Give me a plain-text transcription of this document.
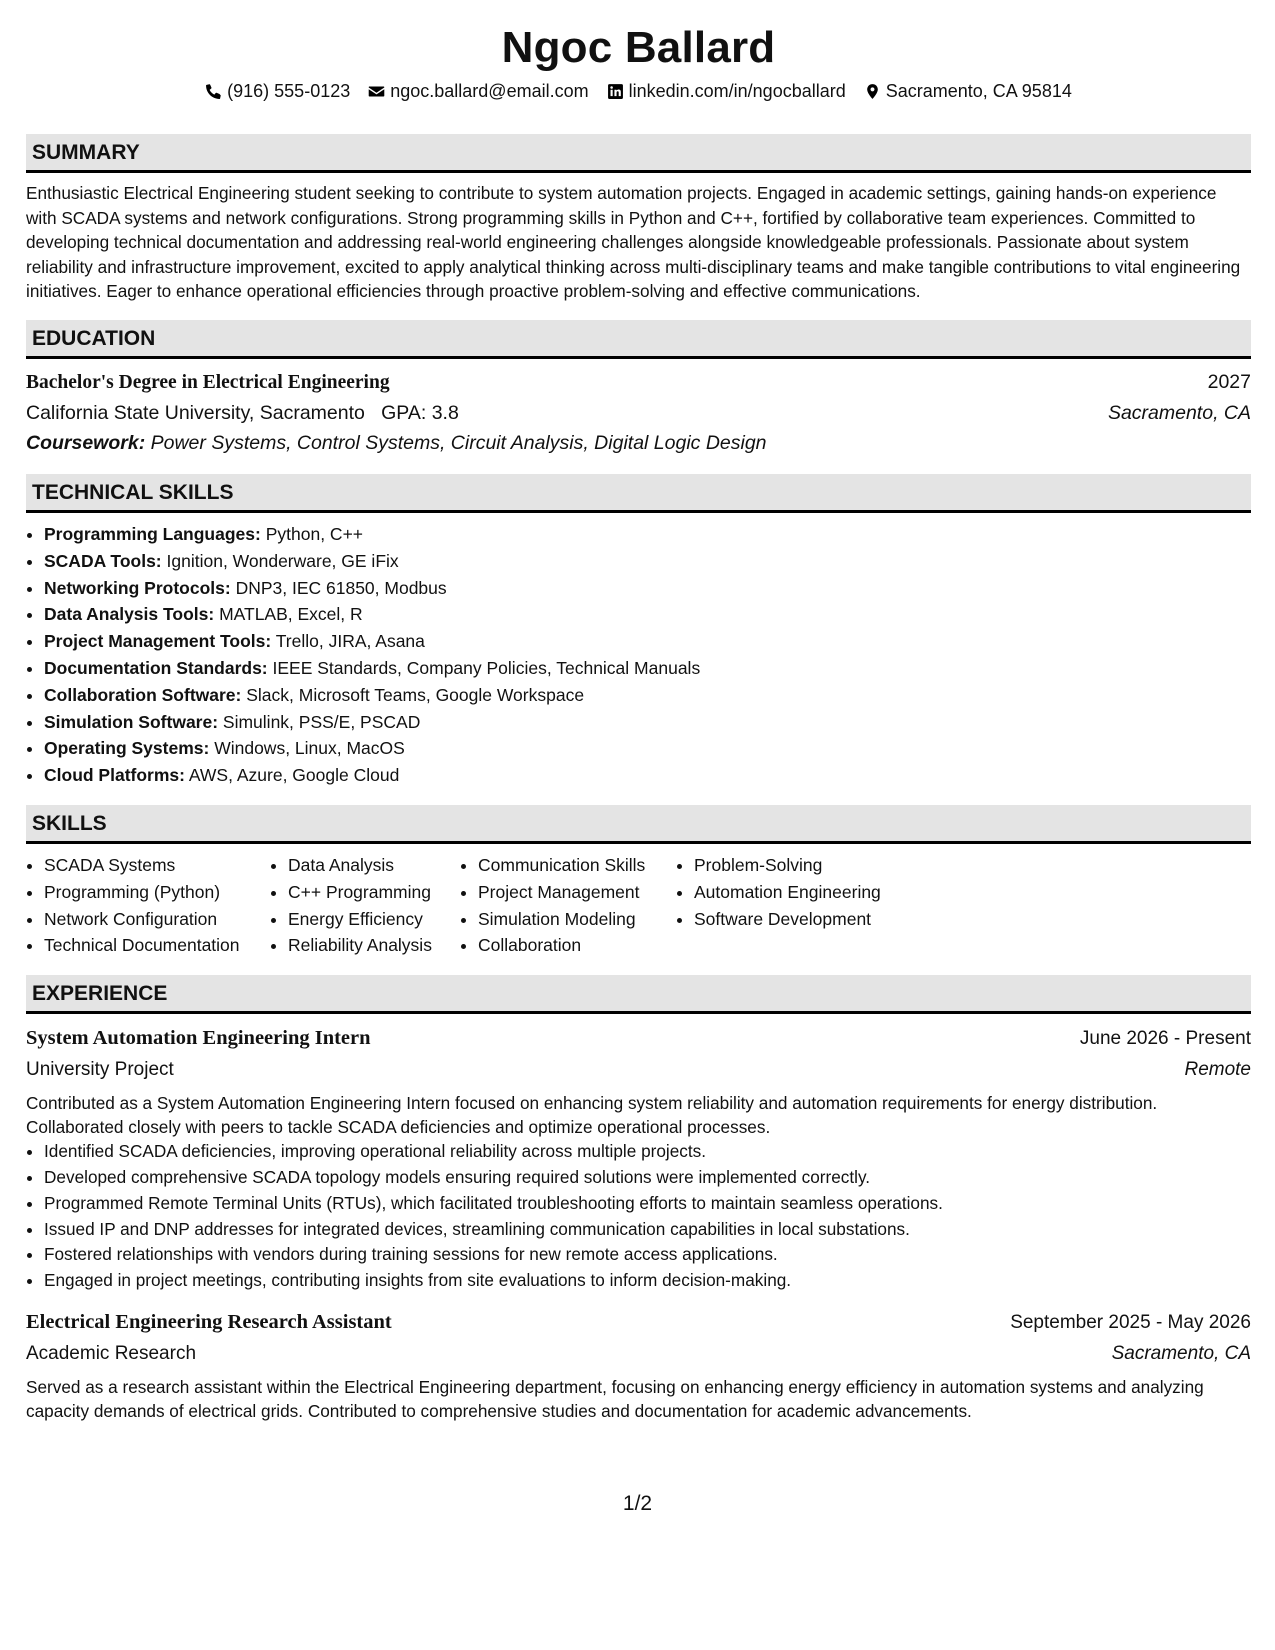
Ngoc Ballard
(916) 555-0123 ngoc.ballard@email.com linkedin.com/in/ngocballard Sacramento, CA 95814
SUMMARY
Enthusiastic Electrical Engineering student seeking to contribute to system automation projects. Engaged in academic settings, gaining hands-on experience with SCADA systems and network configurations. Strong programming skills in Python and C++, fortified by collaborative team experiences. Committed to developing technical documentation and addressing real-world engineering challenges alongside knowledgeable professionals. Passionate about system reliability and infrastructure improvement, excited to apply analytical thinking across multi-disciplinary teams and make tangible contributions to vital engineering initiatives. Eager to enhance operational efficiencies through proactive problem-solving and effective communications.
EDUCATION
Bachelor's Degree in Electrical Engineering	2027
California State University, Sacramento GPA: 3.8	Sacramento, CA
Coursework: Power Systems, Control Systems, Circuit Analysis, Digital Logic Design
TECHNICAL SKILLS
• Programming Languages: Python, C++
• SCADA Tools: Ignition, Wonderware, GE iFix
• Networking Protocols: DNP3, IEC 61850, Modbus
• Data Analysis Tools: MATLAB, Excel, R
• Project Management Tools: Trello, JIRA, Asana
• Documentation Standards: IEEE Standards, Company Policies, Technical Manuals
• Collaboration Software: Slack, Microsoft Teams, Google Workspace
• Simulation Software: Simulink, PSS/E, PSCAD
• Operating Systems: Windows, Linux, MacOS
• Cloud Platforms: AWS, Azure, Google Cloud
SKILLS
• SCADA Systems
• Programming (Python)
• Network Configuration
• Technical Documentation
• Data Analysis
• C++ Programming
• Energy Efficiency
• Reliability Analysis
• Communication Skills
• Project Management
• Simulation Modeling
• Collaboration
• Problem-Solving
• Automation Engineering
• Software Development
EXPERIENCE
System Automation Engineering Intern	June 2026 - Present
University Project	Remote
Contributed as a System Automation Engineering Intern focused on enhancing system reliability and automation requirements for energy distribution. Collaborated closely with peers to tackle SCADA deficiencies and optimize operational processes.
• Identified SCADA deficiencies, improving operational reliability across multiple projects.
• Developed comprehensive SCADA topology models ensuring required solutions were implemented correctly.
• Programmed Remote Terminal Units (RTUs), which facilitated troubleshooting efforts to maintain seamless operations.
• Issued IP and DNP addresses for integrated devices, streamlining communication capabilities in local substations.
• Fostered relationships with vendors during training sessions for new remote access applications.
• Engaged in project meetings, contributing insights from site evaluations to inform decision-making.
Electrical Engineering Research Assistant	September 2025 - May 2026
Academic Research	Sacramento, CA
Served as a research assistant within the Electrical Engineering department, focusing on enhancing energy efficiency in automation systems and analyzing capacity demands of electrical grids. Contributed to comprehensive studies and documentation for academic advancements.
1/2
